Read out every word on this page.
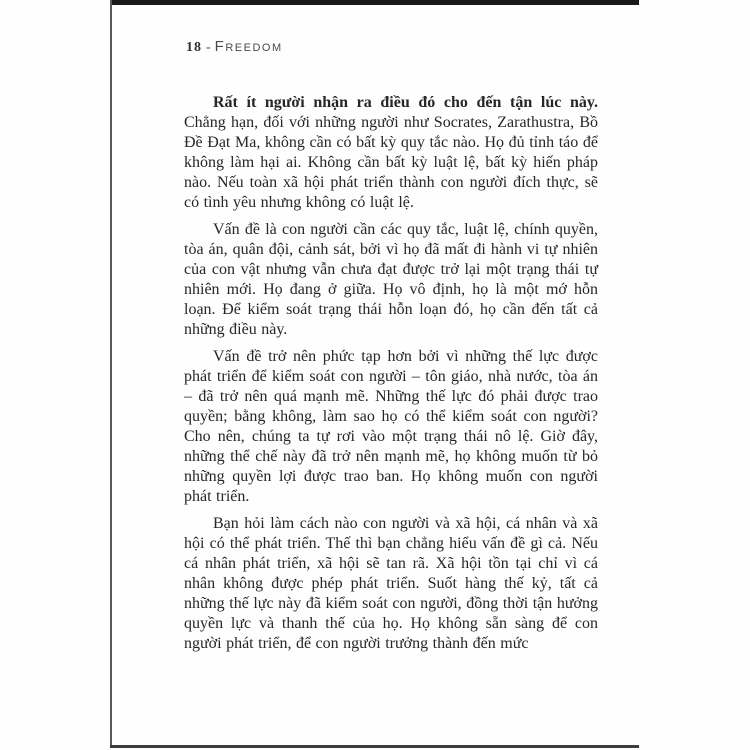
18 - Freedom

Rất ít người nhận ra điều đó cho đến tận lúc này. Chẳng hạn, đối với những người như Socrates, Zarathustra, Bồ Đề Đạt Ma, không cần có bất kỳ quy tắc nào. Họ đủ tỉnh táo để không làm hại ai. Không cần bất kỳ luật lệ, bất kỳ hiến pháp nào. Nếu toàn xã hội phát triển thành con người đích thực, sẽ có tình yêu nhưng không có luật lệ.

Vấn đề là con người cần các quy tắc, luật lệ, chính quyền, tòa án, quân đội, cảnh sát, bởi vì họ đã mất đi hành vi tự nhiên của con vật nhưng vẫn chưa đạt được trở lại một trạng thái tự nhiên mới. Họ đang ở giữa. Họ vô định, họ là một mớ hỗn loạn. Để kiểm soát trạng thái hỗn loạn đó, họ cần đến tất cả những điều này.

Vấn đề trở nên phức tạp hơn bởi vì những thế lực được phát triển để kiểm soát con người – tôn giáo, nhà nước, tòa án – đã trở nên quá mạnh mẽ. Những thế lực đó phải được trao quyền; bằng không, làm sao họ có thể kiểm soát con người? Cho nên, chúng ta tự rơi vào một trạng thái nô lệ. Giờ đây, những thể chế này đã trở nên mạnh mẽ, họ không muốn từ bỏ những quyền lợi được trao ban. Họ không muốn con người phát triển.

Bạn hỏi làm cách nào con người và xã hội, cá nhân và xã hội có thể phát triển. Thế thì bạn chẳng hiểu vấn đề gì cả. Nếu cá nhân phát triển, xã hội sẽ tan rã. Xã hội tồn tại chỉ vì cá nhân không được phép phát triển. Suốt hàng thế kỷ, tất cả những thế lực này đã kiểm soát con người, đồng thời tận hưởng quyền lực và thanh thế của họ. Họ không sẵn sàng để con người phát triển, để con người trưởng thành đến mức
